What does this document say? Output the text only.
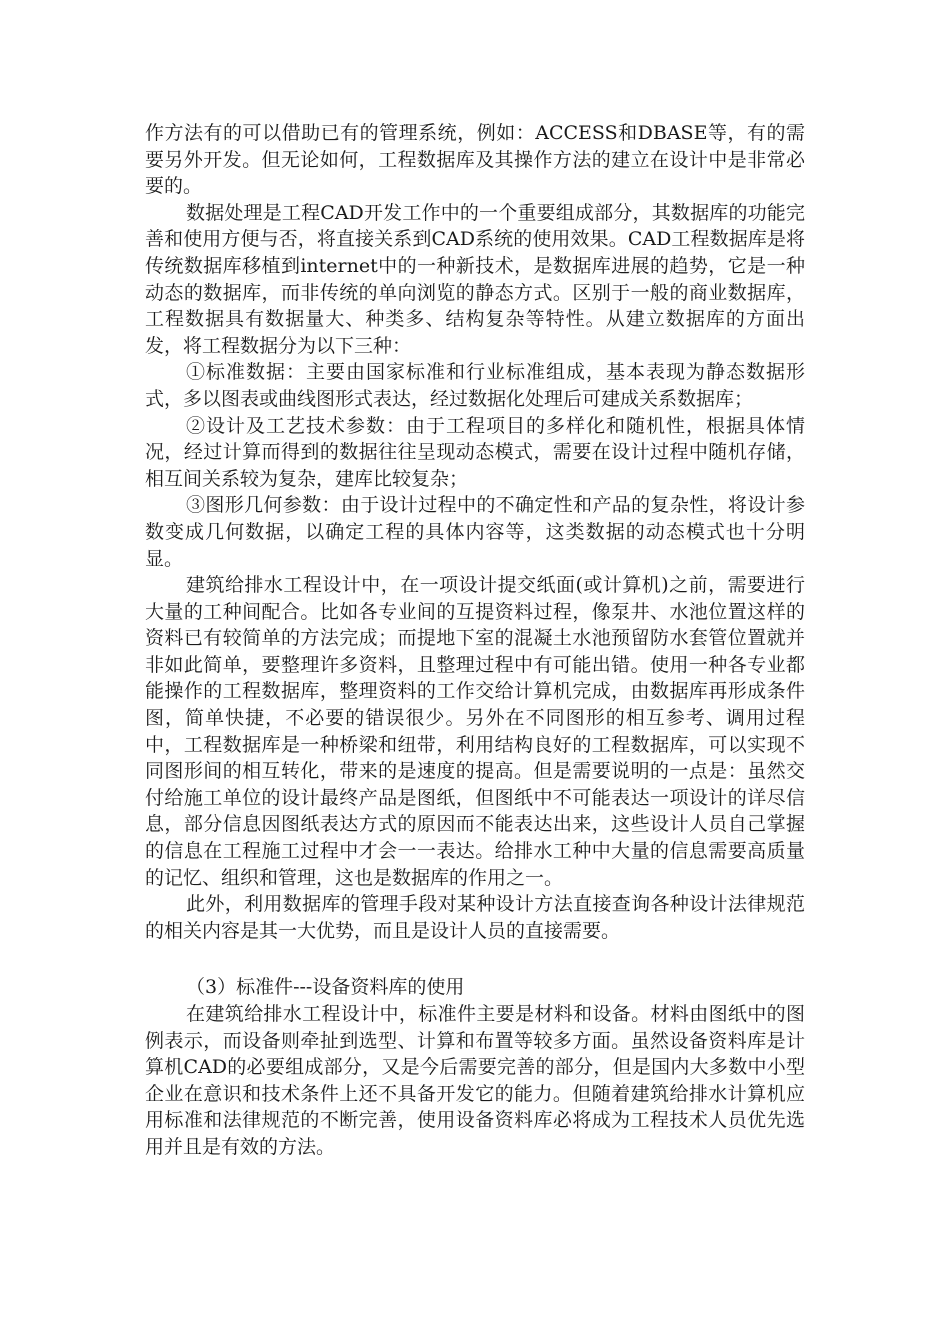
作方法有的可以借助已有的管理系统，例如：ACCESS和DBASE等，有的需要另外开发。但无论如何，工程数据库及其操作方法的建立在设计中是非常必要的。

数据处理是工程CAD开发工作中的一个重要组成部分，其数据库的功能完善和使用方便与否，将直接关系到CAD系统的使用效果。CAD工程数据库是将传统数据库移植到internet中的一种新技术，是数据库进展的趋势，它是一种动态的数据库，而非传统的单向浏览的静态方式。区别于一般的商业数据库，工程数据具有数据量大、种类多、结构复杂等特性。从建立数据库的方面出发，将工程数据分为以下三种：

①标准数据：主要由国家标准和行业标准组成，基本表现为静态数据形式，多以图表或曲线图形式表达，经过数据化处理后可建成关系数据库；

②设计及工艺技术参数：由于工程项目的多样化和随机性，根据具体情况，经过计算而得到的数据往往呈现动态模式，需要在设计过程中随机存储，相互间关系较为复杂，建库比较复杂；

③图形几何参数：由于设计过程中的不确定性和产品的复杂性，将设计参数变成几何数据，以确定工程的具体内容等，这类数据的动态模式也十分明显。

建筑给排水工程设计中，在一项设计提交纸面(或计算机)之前，需要进行大量的工种间配合。比如各专业间的互提资料过程，像泵井、水池位置这样的资料已有较简单的方法完成；而提地下室的混凝土水池预留防水套管位置就并非如此简单，要整理许多资料，且整理过程中有可能出错。使用一种各专业都能操作的工程数据库，整理资料的工作交给计算机完成，由数据库再形成条件图，简单快捷，不必要的错误很少。另外在不同图形的相互参考、调用过程中，工程数据库是一种桥梁和纽带，利用结构良好的工程数据库，可以实现不同图形间的相互转化，带来的是速度的提高。但是需要说明的一点是：虽然交付给施工单位的设计最终产品是图纸，但图纸中不可能表达一项设计的详尽信息，部分信息因图纸表达方式的原因而不能表达出来，这些设计人员自己掌握的信息在工程施工过程中才会一一表达。给排水工种中大量的信息需要高质量的记忆、组织和管理，这也是数据库的作用之一。

此外，利用数据库的管理手段对某种设计方法直接查询各种设计法律规范的相关内容是其一大优势，而且是设计人员的直接需要。

（3）标准件---设备资料库的使用

在建筑给排水工程设计中，标准件主要是材料和设备。材料由图纸中的图例表示，而设备则牵扯到选型、计算和布置等较多方面。虽然设备资料库是计算机CAD的必要组成部分，又是今后需要完善的部分，但是国内大多数中小型企业在意识和技术条件上还不具备开发它的能力。但随着建筑给排水计算机应用标准和法律规范的不断完善，使用设备资料库必将成为工程技术人员优先选用并且是有效的方法。
